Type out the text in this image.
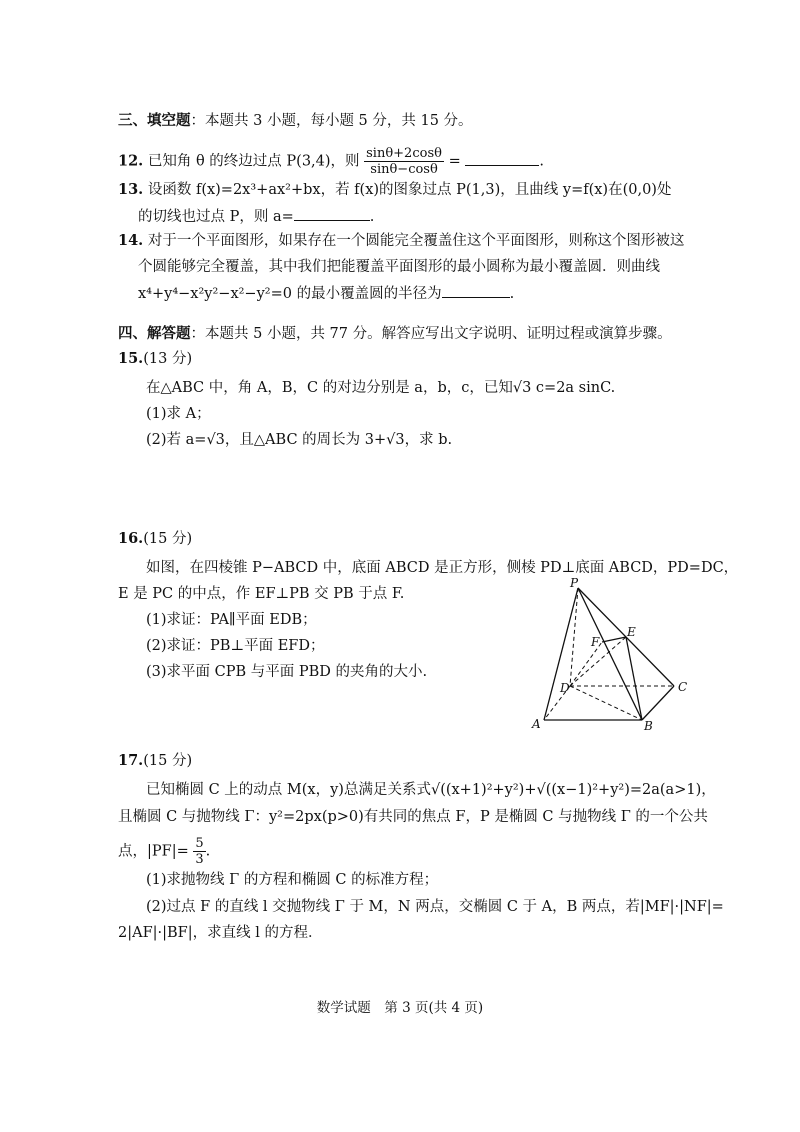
三、填空题：本题共 3 小题，每小题 5 分，共 15 分。
12. 已知角 θ 的终边过点 P(3,4)，则 $\frac{\sin\theta+2\cos\theta}{\sin\theta-\cos\theta}$ =	.
13. 设函数 f(x)=2x³+ax²+bx，若 f(x)的图象过点 P(1,3)，且曲线 y=f(x)在(0,0)处
的切线也过点 P，则 a=	.
14. 对于一个平面图形，如果存在一个圆能完全覆盖住这个平面图形，则称这个图形被这
个圆能够完全覆盖，其中我们把能覆盖平面图形的最小圆称为最小覆盖圆．则曲线
x⁴+y⁴−x²y²−x²−y²=0 的最小覆盖圆的半径为	.
四、解答题：本题共 5 小题，共 77 分。解答应写出文字说明、证明过程或演算步骤。
15.(13 分)
在△ABC 中，角 A，B，C 的对边分别是 a，b，c，已知√3 c=2a sinC.
(1)求 A；
(2)若 a=√3，且△ABC 的周长为 3+√3，求 b.
16.(15 分)
如图，在四棱锥 P−ABCD 中，底面 ABCD 是正方形，侧棱 PD⊥底面 ABCD，PD=DC，
E 是 PC 的中点，作 EF⊥PB 交 PB 于点 F.
(1)求证：PA∥平面 EDB；
(2)求证：PB⊥平面 EFD；
(3)求平面 CPB 与平面 PBD 的夹角的大小.
P
E
F
D	C
A	B
17.(15 分)
已知椭圆 C 上的动点 M(x，y)总满足关系式√((x+1)²+y²)+√((x−1)²+y²)=2a(a>1)，
且椭圆 C 与抛物线 Γ：y²=2px(p>0)有共同的焦点 F，P 是椭圆 C 与抛物线 Γ 的一个公共
点，$|PF|= \frac{5}{3}$ .
(1)求抛物线 Γ 的方程和椭圆 C 的标准方程；
(2)过点 F 的直线 l 交抛物线 Γ 于 M，N 两点，交椭圆 C 于 A，B 两点，若|MF|·|NF|=
2|AF|·|BF|，求直线 l 的方程．
数学试题　第 3 页(共 4 页)
